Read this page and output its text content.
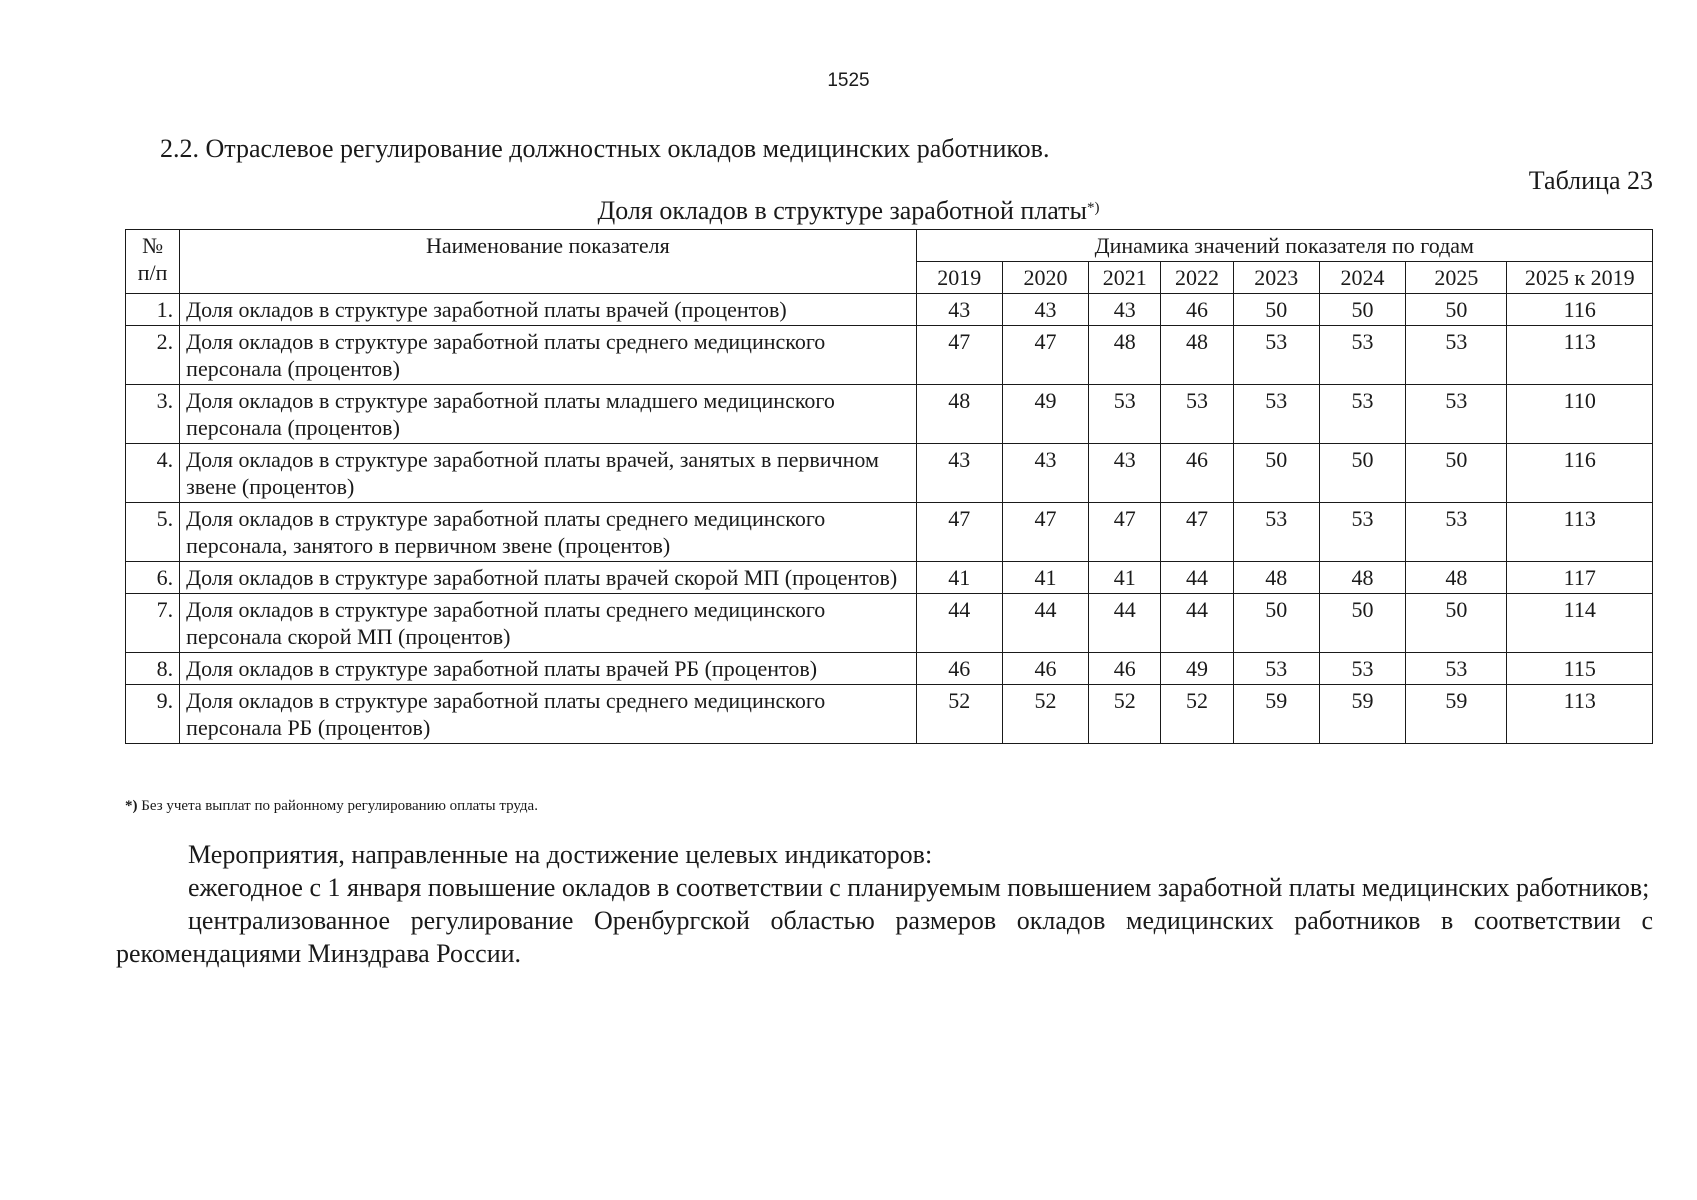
1525
2.2. Отраслевое регулирование должностных окладов медицинских работников.
Таблица 23
Доля окладов в структуре заработной платы*)
№ п/п	Наименование показателя	Динамика значений показателя по годам							
		2019	2020	2021	2022	2023	2024	2025	2025 к 2019
1.	Доля окладов в структуре заработной платы врачей (процентов)	43	43	43	46	50	50	50	116
2.	Доля окладов в структуре заработной платы среднего медицинского персонала (процентов)	47	47	48	48	53	53	53	113
3.	Доля окладов в структуре заработной платы младшего медицинского персонала (процентов)	48	49	53	53	53	53	53	110
4.	Доля окладов в структуре заработной платы врачей, занятых в первичном звене (процентов)	43	43	43	46	50	50	50	116
5.	Доля окладов в структуре заработной платы среднего медицинского персонала, занятого в первичном звене (процентов)	47	47	47	47	53	53	53	113
6.	Доля окладов в структуре заработной платы врачей скорой МП (процентов)	41	41	41	44	48	48	48	117
7.	Доля окладов в структуре заработной платы среднего медицинского персонала скорой МП (процентов)	44	44	44	44	50	50	50	114
8.	Доля окладов в структуре заработной платы врачей РБ (процентов)	46	46	46	49	53	53	53	115
9.	Доля окладов в структуре заработной платы среднего медицинского персонала РБ (процентов)	52	52	52	52	59	59	59	113
*) Без учета выплат по районному регулированию оплаты труда.

Мероприятия, направленные на достижение целевых индикаторов:

ежегодное с 1 января повышение окладов в соответствии с планируемым повышением заработной платы медицинских работников;

централизованное регулирование Оренбургской областью размеров окладов медицинских работников в соответствии с рекомендациями Минздрава России.
